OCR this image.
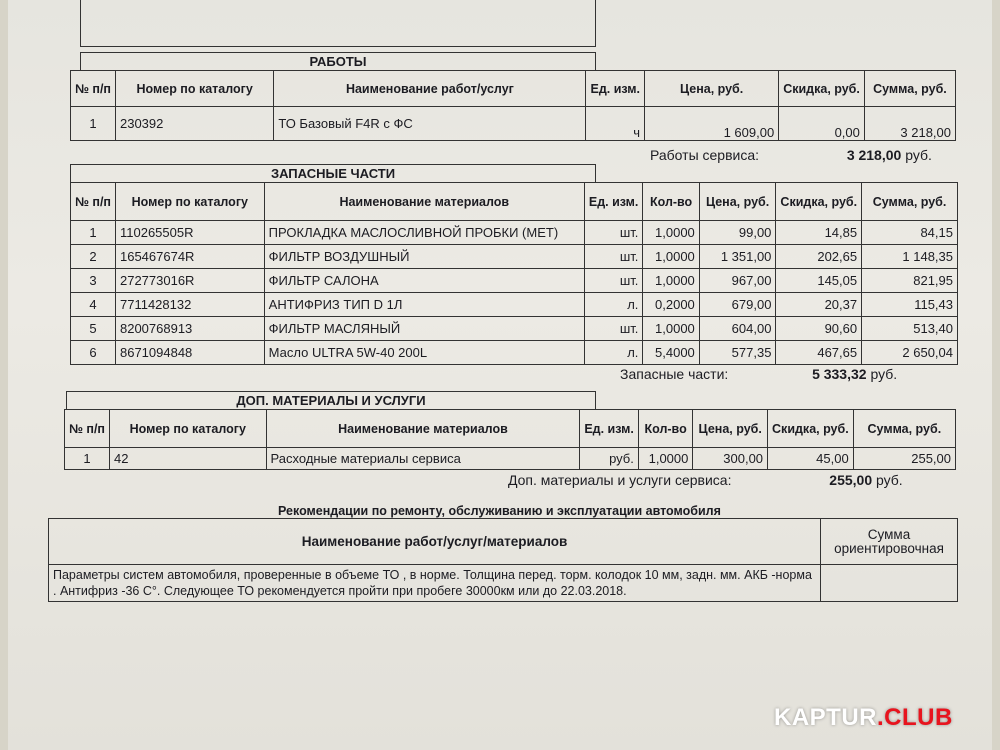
РАБОТЫ
№ п/п	Номер по каталогу	Наименование работ/услуг	Ед. изм.	Цена, руб.	Скидка, руб.	Сумма, руб.
1	230392	ТО Базовый F4R с ФС	ч	1 609,00	0,00	3 218,00
Работы сервиса:	3 218,00 руб.
ЗАПАСНЫЕ ЧАСТИ
№ п/п	Номер по каталогу	Наименование материалов	Ед. изм.	Кол-во	Цена, руб.	Скидка, руб.	Сумма, руб.
1	110265505R	ПРОКЛАДКА МАСЛОСЛИВНОЙ ПРОБКИ (МЕТ)	шт.	1,0000	99,00	14,85	84,15
2	165467674R	ФИЛЬТР ВОЗДУШНЫЙ	шт.	1,0000	1 351,00	202,65	1 148,35
3	272773016R	ФИЛЬТР САЛОНА	шт.	1,0000	967,00	145,05	821,95
4	7711428132	АНТИФРИЗ ТИП D 1Л	л.	0,2000	679,00	20,37	115,43
5	8200768913	ФИЛЬТР МАСЛЯНЫЙ	шт.	1,0000	604,00	90,60	513,40
6	8671094848	Масло ULTRA 5W-40 200L	л.	5,4000	577,35	467,65	2 650,04
Запасные части:	5 333,32 руб.
ДОП. МАТЕРИАЛЫ И УСЛУГИ
№ п/п	Номер по каталогу	Наименование материалов	Ед. изм.	Кол-во	Цена, руб.	Скидка, руб.	Сумма, руб.
1	42	Расходные материалы сервиса	руб.	1,0000	300,00	45,00	255,00
Доп. материалы и услуги сервиса:	255,00 руб.
Рекомендации по ремонту, обслуживанию и эксплуатации автомобиля
Наименование работ/услуг/материалов	Сумма ориентировочная
Параметры систем автомобиля, проверенные в объеме ТО , в норме. Толщина перед. торм. колодок 10 мм, задн. мм. АКБ -норма . Антифриз -36 С°. Следующее ТО рекомендуется пройти при пробеге 30000км или до 22.03.2018.	
KAPTUR.CLUB
